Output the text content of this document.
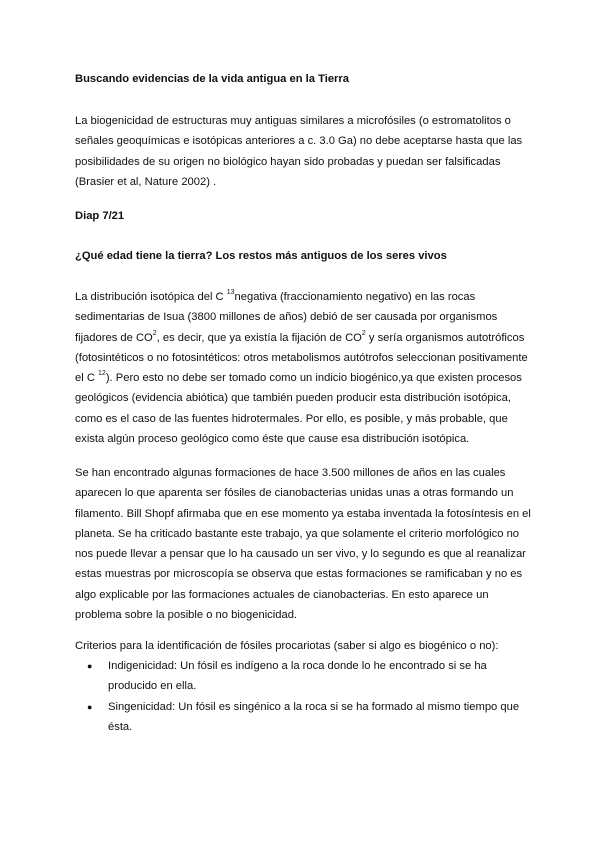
Buscando evidencias de la vida antigua en la Tierra
La biogenicidad de estructuras muy antiguas similares a microfósiles (o estromatolitos o
señales geoquímicas e isotópicas anteriores a c. 3.0 Ga) no debe aceptarse hasta que las
posibilidades de su origen no biológico hayan sido probadas y puedan ser falsificadas
(Brasier et al, Nature 2002) .
Diap 7/21
¿Qué edad tiene la tierra? Los restos más antiguos de los seres vivos
La distribución isotópica del C $^{13}$negativa (fraccionamiento negativo) en las rocas
sedimentarias de Isua (3800 millones de años) debió de ser causada por organismos
fijadores de $CO^2$, es decir, que ya existía la fijación de $CO^2$ y sería organismos autotróficos
(fotosintéticos o no fotosintéticos: otros metabolismos autótrofos seleccionan positivamente
el C $^{12}$). Pero esto no debe ser tomado como un indicio biogénico,ya que existen procesos
geológicos (evidencia abiótica) que también pueden producir esta distribución isotópica,
como es el caso de las fuentes hidrotermales. Por ello, es posible, y más probable, que
exista algún proceso geológico como éste que cause esa distribución isotópica.
Se han encontrado algunas formaciones de hace 3.500 millones de años en las cuales
aparecen lo que aparenta ser fósiles de cianobacterias unidas unas a otras formando un
filamento. Bill Shopf afirmaba que en ese momento ya estaba inventada la fotosíntesis en el
planeta. Se ha criticado bastante este trabajo, ya que solamente el criterio morfológico no
nos puede llevar a pensar que lo ha causado un ser vivo, y lo segundo es que al reanalizar
estas muestras por microscopía se observa que estas formaciones se ramificaban y no es
algo explicable por las formaciones actuales de cianobacterias. En esto aparece un
problema sobre la posible o no biogenicidad.
Criterios para la identificación de fósiles procariotas (saber si algo es biogénico o no):
● Indigenicidad: Un fósil es indígeno a la roca donde lo he encontrado si se ha
producido en ella.
● Singenicidad: Un fósil es singénico a la roca si se ha formado al mismo tiempo que
ésta.
